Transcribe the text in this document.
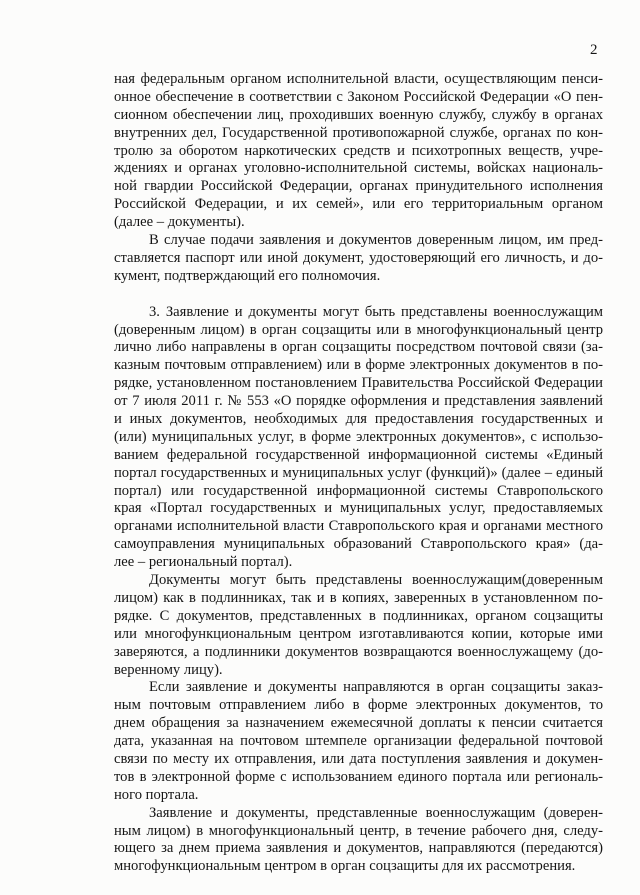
2
ная федеральным органом исполнительной власти, осуществляющим пенси-
онное обеспечение в соответствии с Законом Российской Федерации «О пен-
сионном обеспечении лиц, проходивших военную службу, службу в органах
внутренних дел, Государственной противопожарной службе, органах по кон-
тролю за оборотом наркотических средств и психотропных веществ, учре-
ждениях и органах уголовно-исполнительной системы, войсках националь-
ной гвардии Российской Федерации, органах принудительного исполнения
Российской Федерации, и их семей», или его территориальным органом
(далее – документы).
В случае подачи заявления и документов доверенным лицом, им пред-
ставляется паспорт или иной документ, удостоверяющий его личность, и до-
кумент, подтверждающий его полномочия.
3. Заявление и документы могут быть представлены военнослужащим
(доверенным лицом) в орган соцзащиты или в многофункциональный центр
лично либо направлены в орган соцзащиты посредством почтовой связи (за-
казным почтовым отправлением) или в форме электронных документов в по-
рядке, установленном постановлением Правительства Российской Федерации
от 7 июля 2011 г. № 553 «О порядке оформления и представления заявлений
и иных документов, необходимых для предоставления государственных и
(или) муниципальных услуг, в форме электронных документов», с использо-
ванием федеральной государственной информационной системы «Единый
портал государственных и муниципальных услуг (функций)» (далее – единый
портал) или государственной информационной системы Ставропольского
края «Портал государственных и муниципальных услуг, предоставляемых
органами исполнительной власти Ставропольского края и органами местного
самоуправления муниципальных образований Ставропольского края» (да-
лее – региональный портал).
Документы могут быть представлены военнослужащим(доверенным
лицом) как в подлинниках, так и в копиях, заверенных в установленном по-
рядке. С документов, представленных в подлинниках, органом соцзащиты
или многофункциональным центром изготавливаются копии, которые ими
заверяются, а подлинники документов возвращаются военнослужащему (до-
веренному лицу).
Если заявление и документы направляются в орган соцзащиты заказ-
ным почтовым отправлением либо в форме электронных документов, то
днем обращения за назначением ежемесячной доплаты к пенсии считается
дата, указанная на почтовом штемпеле организации федеральной почтовой
связи по месту их отправления, или дата поступления заявления и докумен-
тов в электронной форме с использованием единого портала или региональ-
ного портала.
Заявление и документы, представленные военнослужащим (доверен-
ным лицом) в многофункциональный центр, в течение рабочего дня, следу-
ющего за днем приема заявления и документов, направляются (передаются)
многофункциональным центром в орган соцзащиты для их рассмотрения.
